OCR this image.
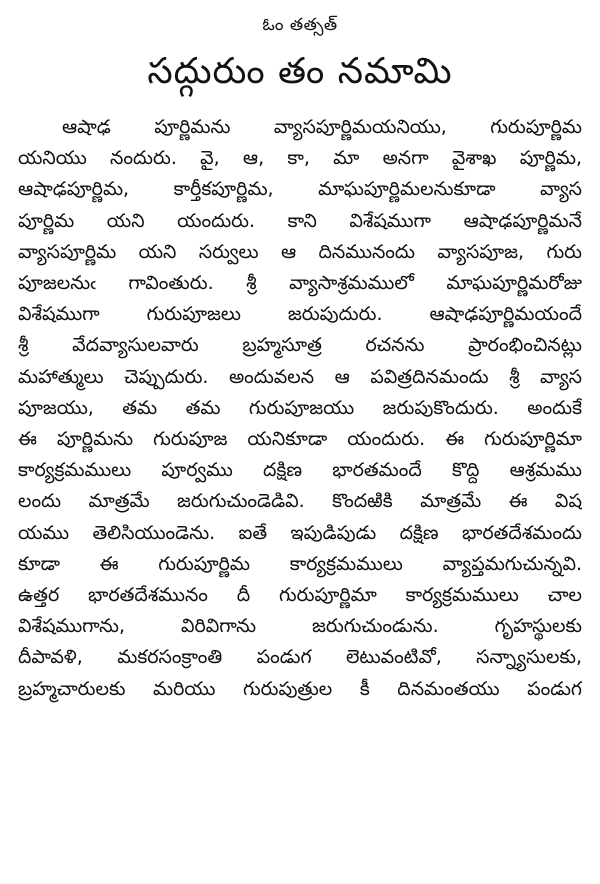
ఓం తత్సత్

సద్గురుం తం నమామి
ఆషాఢ పూర్ణిమను వ్యాసపూర్ణిమయనియు, గురుపూర్ణిమ
యనియు నందురు. వై, ఆ, కా, మా అనగా వైశాఖ పూర్ణిమ,
ఆషాఢపూర్ణిమ, కార్తీకపూర్ణిమ, మాఘపూర్ణిమలనుకూడా వ్యాస
పూర్ణిమ యని యందురు. కాని విశేషముగా ఆషాఢపూర్ణిమనే
వ్యాసపూర్ణిమ యని సర్వులు ఆ దినమునందు వ్యాసపూజ, గురు
పూజలనుఁ గావింతురు. శ్రీ వ్యాసాశ్రమములో మాఘపూర్ణిమరోజు
విశేషముగా గురుపూజలు జరుపుదురు. ఆషాఢపూర్ణిమయందే
శ్రీ వేదవ్యాసులవారు బ్రహ్మసూత్ర రచనను ప్రారంభించినట్లు
మహాత్ములు చెప్పుదురు. అందువలన ఆ పవిత్రదినమందు శ్రీ వ్యాస
పూజయు, తమ తమ గురుపూజయు జరుపుకొందురు. అందుకే
ఈ పూర్ణిమను గురుపూజ యనికూడా యందురు. ఈ గురుపూర్ణిమా
కార్యక్రమములు పూర్వము దక్షిణ భారతమందే కొద్ది ఆశ్రమము
లందు మాత్రమే జరుగుచుండెడివి. కొందఱికి మాత్రమే ఈ విష
యము తెలిసియుండెను. ఐతే ఇపుడిపుడు దక్షిణ భారతదేశమందు
కూడా ఈ గురుపూర్ణిమ కార్యక్రమములు వ్యాప్తమగుచున్నవి.
ఉత్తర భారతదేశమునం దీ గురుపూర్ణిమా కార్యక్రమములు చాల
విశేషముగాను, విరివిగాను జరుగుచుండును. గృహస్థులకు
దీపావళి, మకరసంక్రాంతి పండుగ లెటువంటివో, సన్న్యాసులకు,
బ్రహ్మచారులకు మరియు గురుపుత్రుల కీ దినమంతయు పండుగ
